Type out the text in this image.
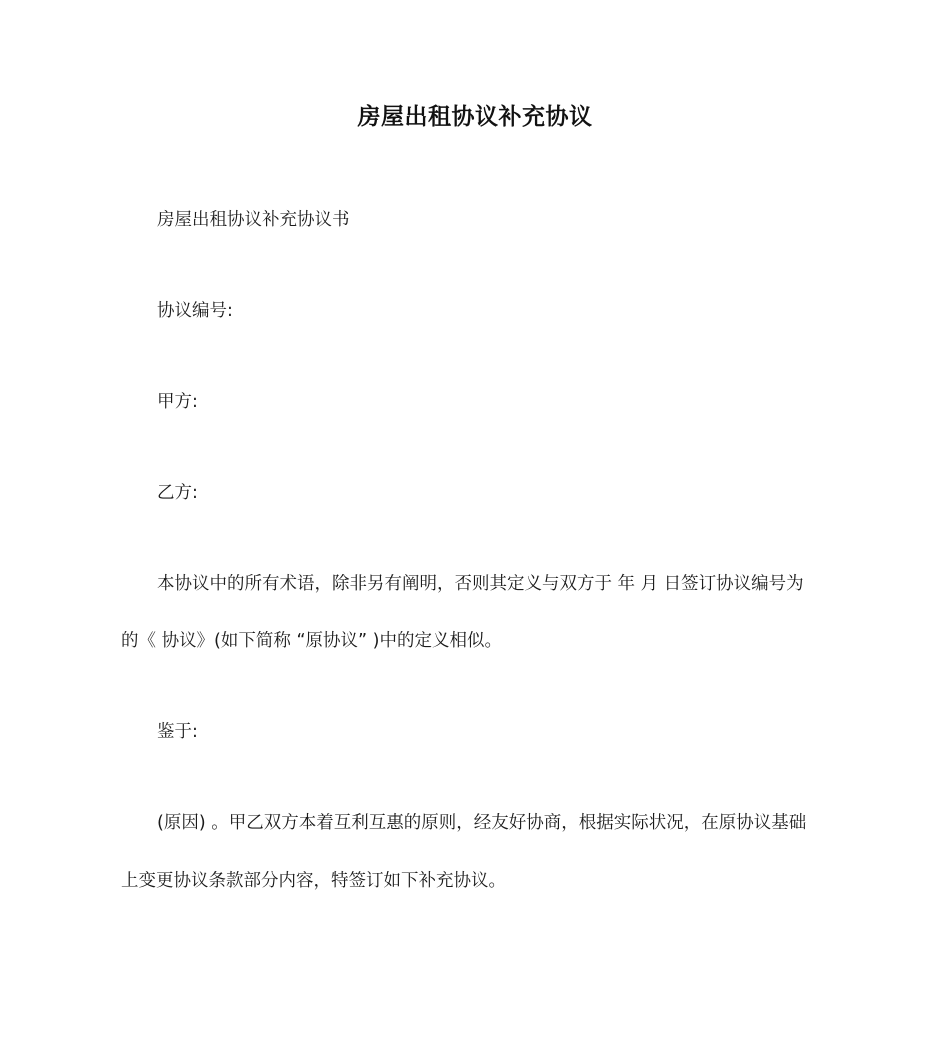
房屋出租协议补充协议
房屋出租协议补充协议书
协议编号:
甲方:
乙方:
本协议中的所有术语，除非另有阐明，否则其定义与双方于 年 月 日签订协议编号为
的《 协议》(如下简称 “原协议” )中的定义相似。
鉴于:
(原因) 。甲乙双方本着互利互惠的原则，经友好协商，根据实际状况，在原协议基础
上变更协议条款部分内容，特签订如下补充协议。
